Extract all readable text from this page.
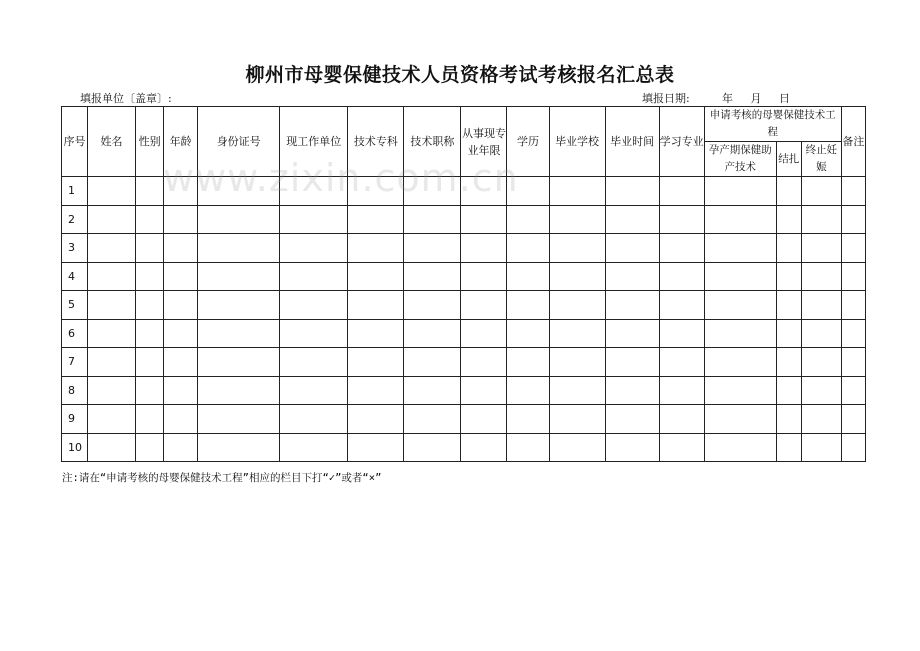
柳州市母婴保健技术人员资格考试考核报名汇总表
填报单位〔盖章〕:	填报日期:	年 月 日
序号	姓名	性别	年龄	身份证号	现工作单位	技术专科	技术职称	从事现专业年限	学历	毕业学校	毕业时间	学习专业	申请考核的母婴保健技术工程			备注
													孕产期保健助产技术	结扎	终止妊娠	
1																
2																
3																
4																
5																
6																
7																
8																
9																
10																
www.zixin.com.cn
注:请在“申请考核的母婴保健技术工程”相应的栏目下打“✓”或者“×”
